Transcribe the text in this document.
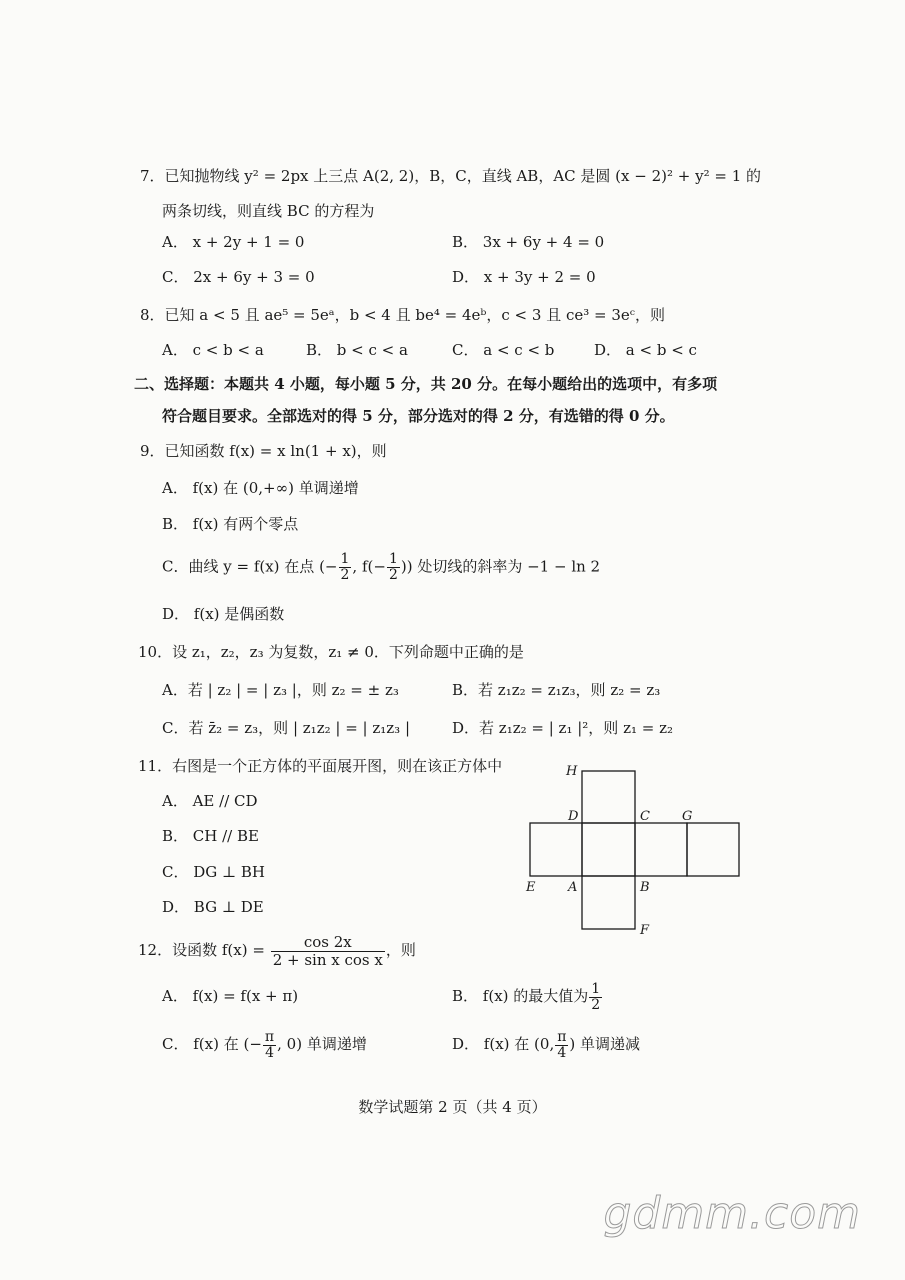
7．已知抛物线 y² = 2px 上三点 A(2, 2)，B，C，直线 AB，AC 是圆 (x − 2)² + y² = 1 的
两条切线，则直线 BC 的方程为
A． x + 2y + 1 = 0	B． 3x + 6y + 4 = 0
C． 2x + 6y + 3 = 0	D． x + 3y + 2 = 0
8．已知 a < 5 且 ae⁵ = 5eᵃ，b < 4 且 be⁴ = 4eᵇ，c < 3 且 ce³ = 3eᶜ，则
A． c < b < a	B． b < c < a	C． a < c < b	D． a < b < c
二、选择题：本题共 4 小题，每小题 5 分，共 20 分。在每小题给出的选项中，有多项
符合题目要求。全部选对的得 5 分，部分选对的得 2 分，有选错的得 0 分。
9．已知函数 f(x) = x ln(1 + x)，则
A． f(x) 在 (0,+∞) 单调递增
B． f(x) 有两个零点
C．曲线 y = f(x) 在点 (− $\frac{1}{2}$ , $f(- \frac{1}{2}$ )) 处切线的斜率为 −1 − ln 2
D． f(x) 是偶函数
10．设 z₁，z₂，z₃ 为复数，z₁ ≠ 0．下列命题中正确的是
A．若 | z₂ | = | z₃ |，则 z₂ = ± z₃	B．若 z₁z₂ = z₁z₃，则 z₂ = z₃
C．若 z̄₂ = z₃，则 | z₁z₂ | = | z₁z₃ |	D．若 z₁z₂ = | z₁ |²，则 z₁ = z₂
11．右图是一个正方体的平面展开图，则在该正方体中
A． AE // CD
B． CH // BE
C． DG ⊥ BH
D． BG ⊥ DE
H
D	C G
E	A	B
F
12．设函数 $f(x) = \frac{\cos 2x}{\text{2 + sin x cos x}}$ ，则
A． f(x) = f(x + π)	B． f(x) 的最大值为 $\frac{1}{2}$
C． f(x) 在 (− $\frac{\pi}{4}$ , 0) 单调递增	D． f(x) 在 (0, $\frac{\pi}{4}$ ) 单调递减
数学试题第 2 页（共 4 页）
gdmm.com
